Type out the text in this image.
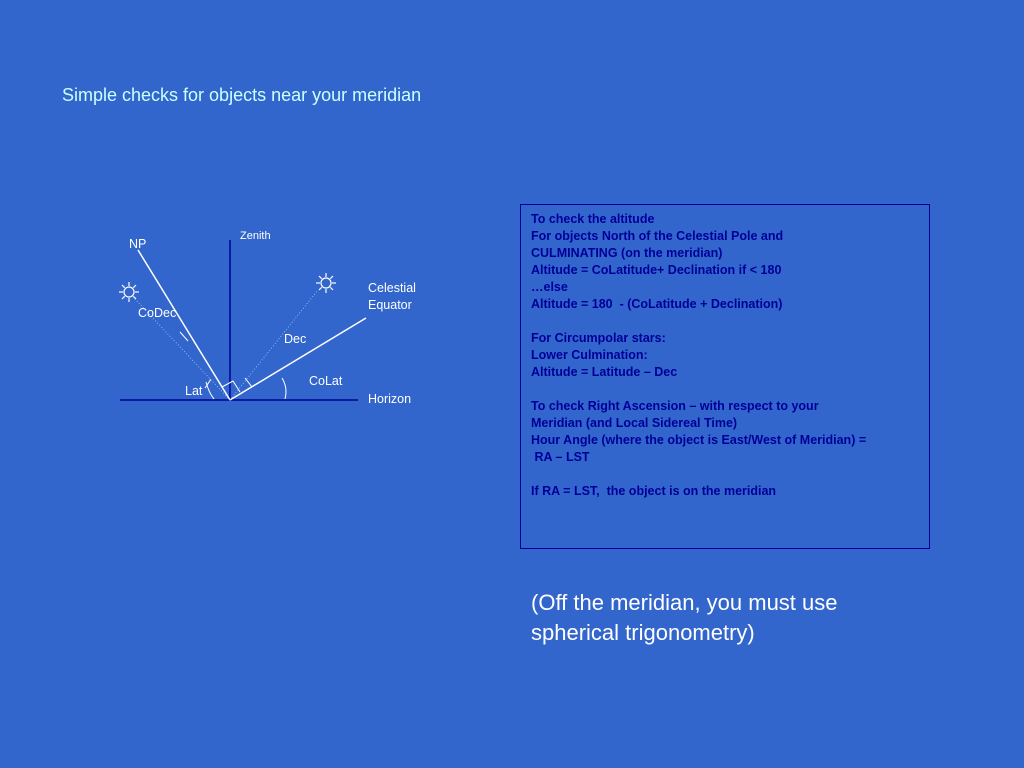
Simple checks for objects near your meridian
NP
Zenith
CoDec
Dec
CoLat
Lat
Celestial
Equator
Horizon
To check the altitude
For objects North of the Celestial Pole and
CULMINATING (on the meridian)
Altitude = CoLatitude+ Declination if < 180
…else
Altitude = 180  - (CoLatitude + Declination)
For Circumpolar stars:
Lower Culmination:
Altitude = Latitude – Dec
To check Right Ascension – with respect to your
Meridian (and Local Sidereal Time)
Hour Angle (where the object is East/West of Meridian) =
RA – LST
If RA = LST,  the object is on the meridian
(Off the meridian, you must use
spherical trigonometry)
